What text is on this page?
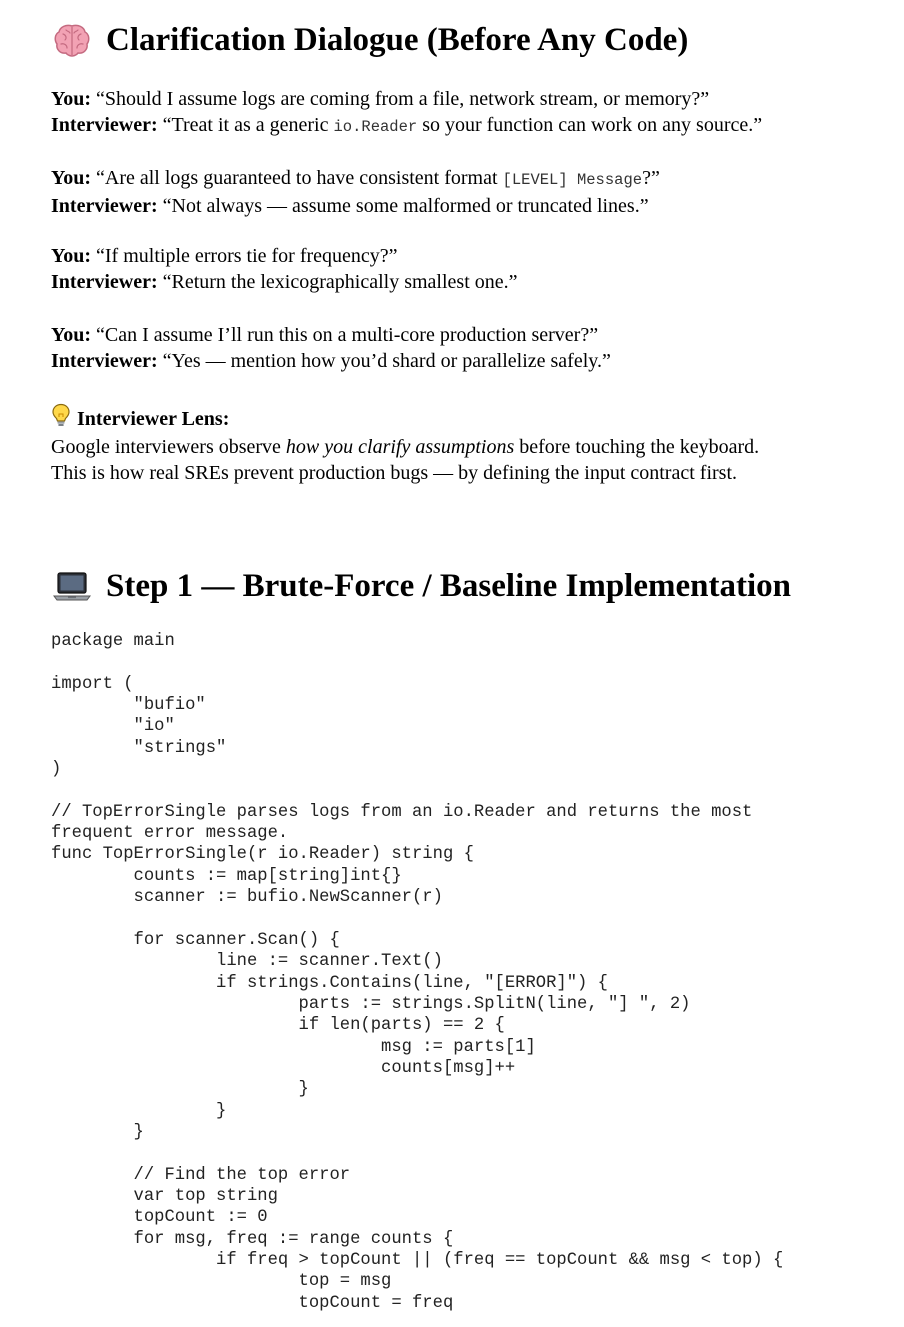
Clarification Dialogue (Before Any Code)
You: “Should I assume logs are coming from a file, network stream, or memory?”
Interviewer: “Treat it as a generic io.Reader so your function can work on any source.”
You: “Are all logs guaranteed to have consistent format [LEVEL] Message?”
Interviewer: “Not always — assume some malformed or truncated lines.”
You: “If multiple errors tie for frequency?”
Interviewer: “Return the lexicographically smallest one.”
You: “Can I assume I’ll run this on a multi-core production server?”
Interviewer: “Yes — mention how you’d shard or parallelize safely.”
Interviewer Lens:
Google interviewers observe how you clarify assumptions before touching the keyboard.
This is how real SREs prevent production bugs — by defining the input contract first.
Step 1 — Brute-Force / Baseline Implementation
package main

import (
"bufio"
"io"
"strings"
)

// TopErrorSingle parses logs from an io.Reader and returns the most
frequent error message.
func TopErrorSingle(r io.Reader) string {
counts := map[string]int{}
scanner := bufio.NewScanner(r)

for scanner.Scan() {
line := scanner.Text()
if strings.Contains(line, "[ERROR]") {
parts := strings.SplitN(line, "] ", 2)
if len(parts) == 2 {
msg := parts[1]
counts[msg]++
}
}
}

// Find the top error
var top string
topCount := 0
for msg, freq := range counts {
if freq > topCount || (freq == topCount && msg < top) {
top = msg
topCount = freq
